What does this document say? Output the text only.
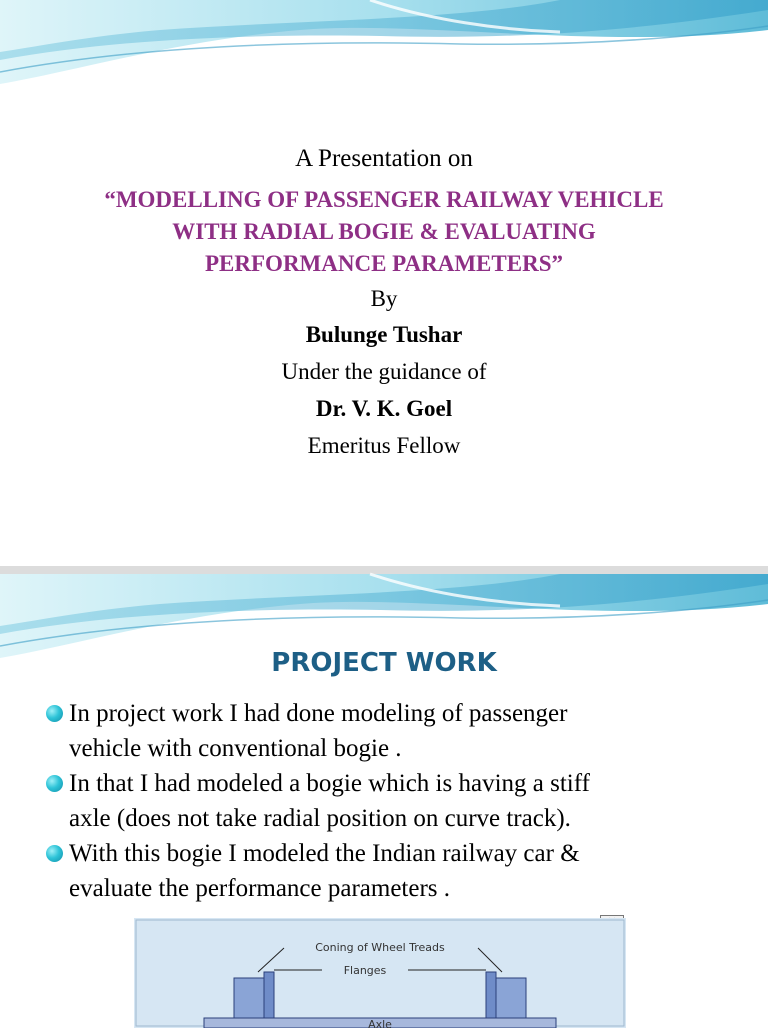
A Presentation on
“MODELLING OF PASSENGER RAILWAY VEHICLE
WITH RADIAL BOGIE & EVALUATING
PERFORMANCE PARAMETERS”
By
Bulunge Tushar
Under the guidance of
Dr. V. K. Goel
Emeritus Fellow
PROJECT WORK
In project work I had done modeling of passenger
vehicle with conventional bogie .
In that I had modeled a bogie which is having a stiff
axle (does not take radial position on curve track).
With this bogie I modeled the Indian railway car &
evaluate the performance parameters .
Coning of Wheel Treads
Flanges
Axle
